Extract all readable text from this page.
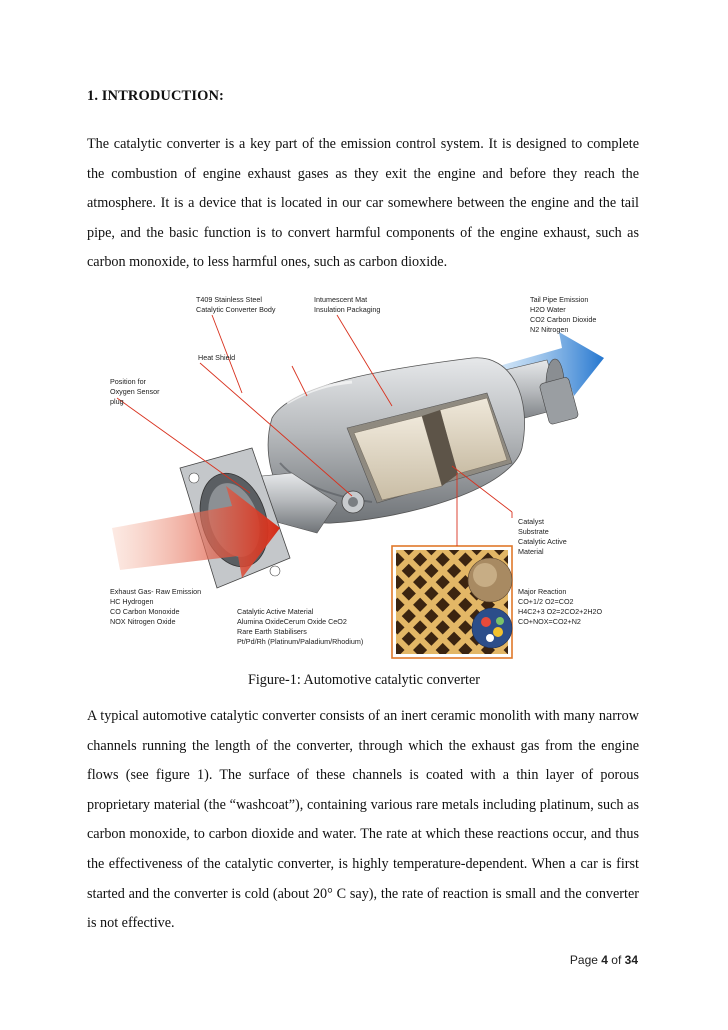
1. INTRODUCTION:

The catalytic converter is a key part of the emission control system. It is designed to complete the combustion of engine exhaust gases as they exit the engine and before they reach the atmosphere. It is a device that is located in our car somewhere between the engine and the tail pipe, and the basic function is to convert harmful components of the engine exhaust, such as carbon monoxide, to less harmful ones, such as carbon dioxide.

T409 Stainless Steel
Catalytic Converter Body
Intumescent Mat
Insulation Packaging
Tail Pipe Emission
H2O Water
CO2 Carbon Dioxide
N2 Nitrogen
Heat Shield
Position for
Oxygen Sensor
plug
Catalyst
Substrate
Catalytic Active
Material
Exhaust Gas- Raw Emission
HC Hydrogen
CO Carbon Monoxide
NOX Nitrogen Oxide
Catalytic Active Material
Alumina OxideCerum Oxide CeO2
Rare Earth Stabilisers
Pt/Pd/Rh (Platinum/Paladium/Rhodium)
Major Reaction
CO+1/2 O2=CO2
H4C2+3 O2=2CO2+2H2O
CO+NOX=CO2+N2
Figure-1: Automotive catalytic converter

A typical automotive catalytic converter consists of an inert ceramic monolith with many narrow channels running the length of the converter, through which the exhaust gas from the engine flows (see figure 1). The surface of these channels is coated with a thin layer of porous proprietary material (the “washcoat”), containing various rare metals including platinum, such as carbon monoxide, to carbon dioxide and water. The rate at which these reactions occur, and thus the effectiveness of the catalytic converter, is highly temperature-dependent. When a car is first started and the converter is cold (about 20° C say), the rate of reaction is small and the converter is not effective.

Page 4 of 34
